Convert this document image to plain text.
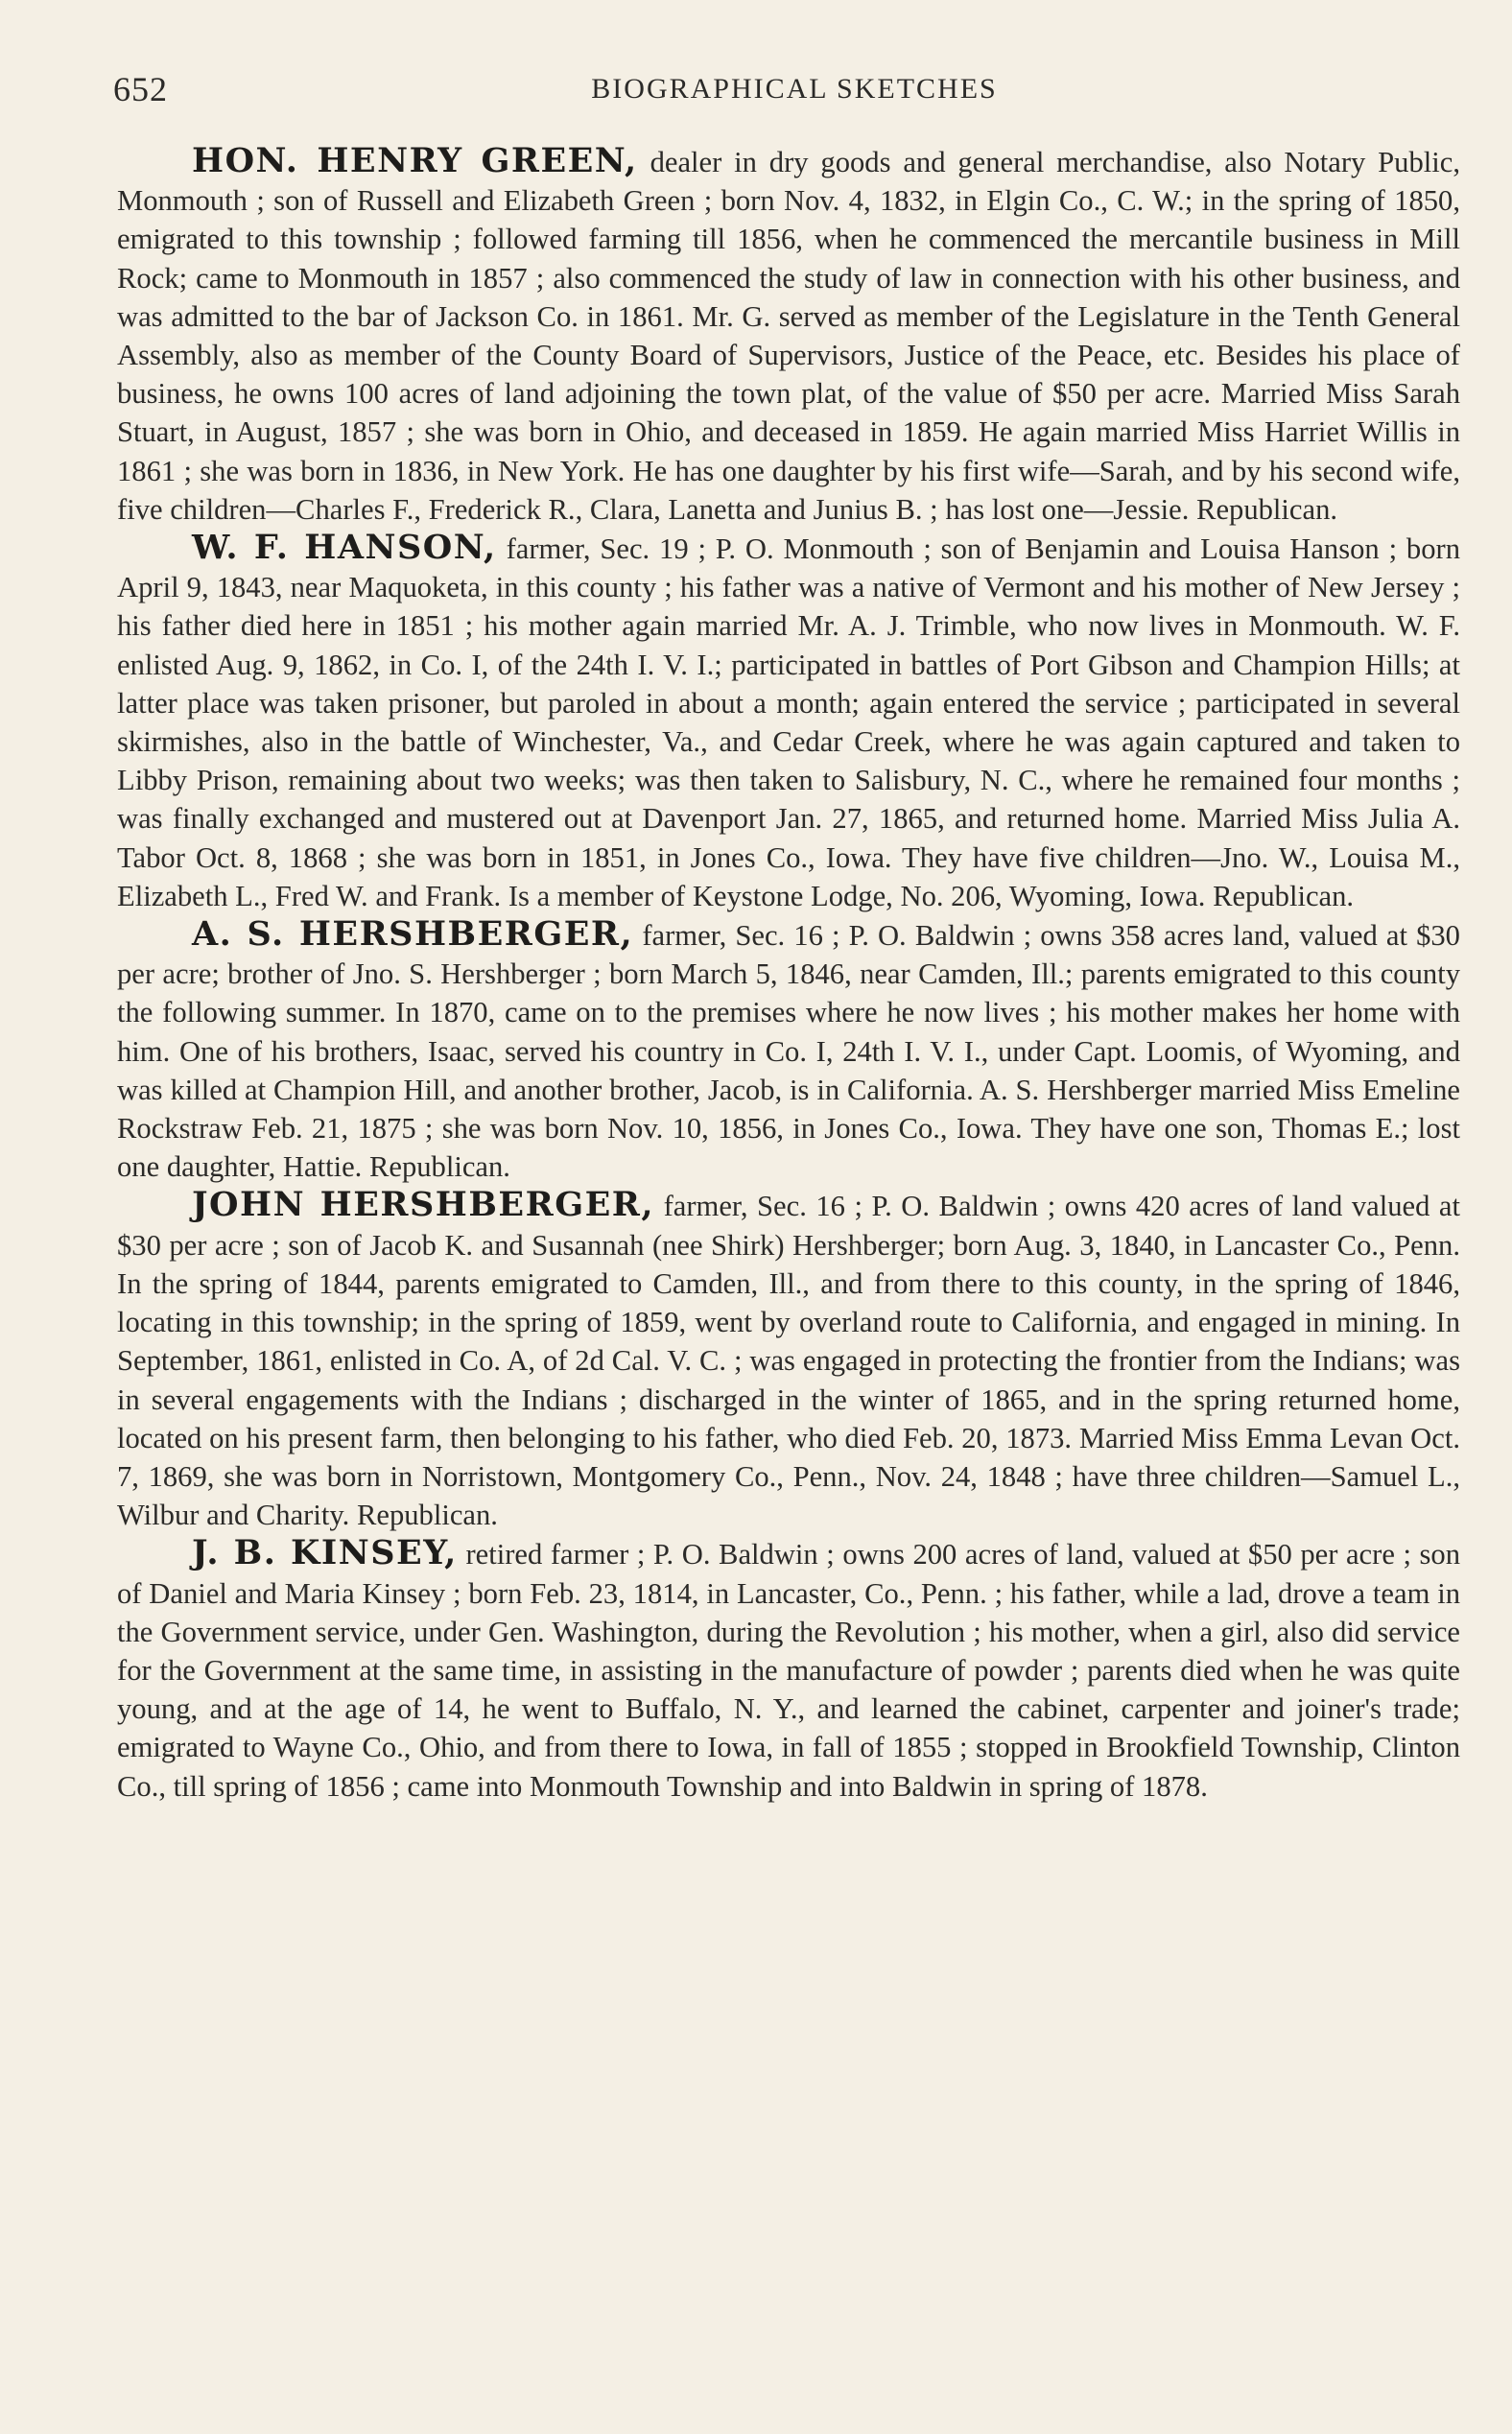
652	BIOGRAPHICAL SKETCHES

HON. HENRY GREEN, dealer in dry goods and general merchandise, also Notary Public, Monmouth ; son of Russell and Elizabeth Green ; born Nov. 4, 1832, in Elgin Co., C. W.; in the spring of 1850, emigrated to this township ; followed farming till 1856, when he commenced the mercantile business in Mill Rock; came to Monmouth in 1857 ; also commenced the study of law in connection with his other business, and was admitted to the bar of Jackson Co. in 1861. Mr. G. served as member of the Legislature in the Tenth General Assembly, also as member of the County Board of Supervisors, Justice of the Peace, etc. Besides his place of business, he owns 100 acres of land adjoining the town plat, of the value of $50 per acre. Married Miss Sarah Stuart, in August, 1857 ; she was born in Ohio, and deceased in 1859. He again married Miss Harriet Willis in 1861 ; she was born in 1836, in New York. He has one daughter by his first wife—Sarah, and by his second wife, five children—Charles F., Frederick R., Clara, Lanetta and Junius B. ; has lost one—Jessie. Republican.

W. F. HANSON, farmer, Sec. 19 ; P. O. Monmouth ; son of Benjamin and Louisa Hanson ; born April 9, 1843, near Maquoketa, in this county ; his father was a native of Vermont and his mother of New Jersey ; his father died here in 1851 ; his mother again married Mr. A. J. Trimble, who now lives in Monmouth. W. F. enlisted Aug. 9, 1862, in Co. I, of the 24th I. V. I.; participated in battles of Port Gibson and Champion Hills; at latter place was taken prisoner, but paroled in about a month; again entered the service ; participated in several skirmishes, also in the battle of Winchester, Va., and Cedar Creek, where he was again captured and taken to Libby Prison, remaining about two weeks; was then taken to Salisbury, N. C., where he remained four months ; was finally exchanged and mustered out at Davenport Jan. 27, 1865, and returned home. Married Miss Julia A. Tabor Oct. 8, 1868 ; she was born in 1851, in Jones Co., Iowa. They have five children—Jno. W., Louisa M., Elizabeth L., Fred W. and Frank. Is a member of Keystone Lodge, No. 206, Wyoming, Iowa. Republican.

A. S. HERSHBERGER, farmer, Sec. 16 ; P. O. Baldwin ; owns 358 acres land, valued at $30 per acre; brother of Jno. S. Hershberger ; born March 5, 1846, near Camden, Ill.; parents emigrated to this county the following summer. In 1870, came on to the premises where he now lives ; his mother makes her home with him. One of his brothers, Isaac, served his country in Co. I, 24th I. V. I., under Capt. Loomis, of Wyoming, and was killed at Champion Hill, and another brother, Jacob, is in California. A. S. Hershberger married Miss Emeline Rockstraw Feb. 21, 1875 ; she was born Nov. 10, 1856, in Jones Co., Iowa. They have one son, Thomas E.; lost one daughter, Hattie. Republican.

JOHN HERSHBERGER, farmer, Sec. 16 ; P. O. Baldwin ; owns 420 acres of land valued at $30 per acre ; son of Jacob K. and Susannah (nee Shirk) Hershberger; born Aug. 3, 1840, in Lancaster Co., Penn. In the spring of 1844, parents emigrated to Camden, Ill., and from there to this county, in the spring of 1846, locating in this township; in the spring of 1859, went by overland route to California, and engaged in mining. In September, 1861, enlisted in Co. A, of 2d Cal. V. C. ; was engaged in protecting the frontier from the Indians; was in several engagements with the Indians ; discharged in the winter of 1865, and in the spring returned home, located on his present farm, then belonging to his father, who died Feb. 20, 1873. Married Miss Emma Levan Oct. 7, 1869, she was born in Norristown, Montgomery Co., Penn., Nov. 24, 1848 ; have three children—Samuel L., Wilbur and Charity. Republican.

J. B. KINSEY, retired farmer ; P. O. Baldwin ; owns 200 acres of land, valued at $50 per acre ; son of Daniel and Maria Kinsey ; born Feb. 23, 1814, in Lancaster, Co., Penn. ; his father, while a lad, drove a team in the Government service, under Gen. Washington, during the Revolution ; his mother, when a girl, also did service for the Government at the same time, in assisting in the manufacture of powder ; parents died when he was quite young, and at the age of 14, he went to Buffalo, N. Y., and learned the cabinet, carpenter and joiner's trade; emigrated to Wayne Co., Ohio, and from there to Iowa, in fall of 1855 ; stopped in Brookfield Township, Clinton Co., till spring of 1856 ; came into Monmouth Township and into Baldwin in spring of 1878.
